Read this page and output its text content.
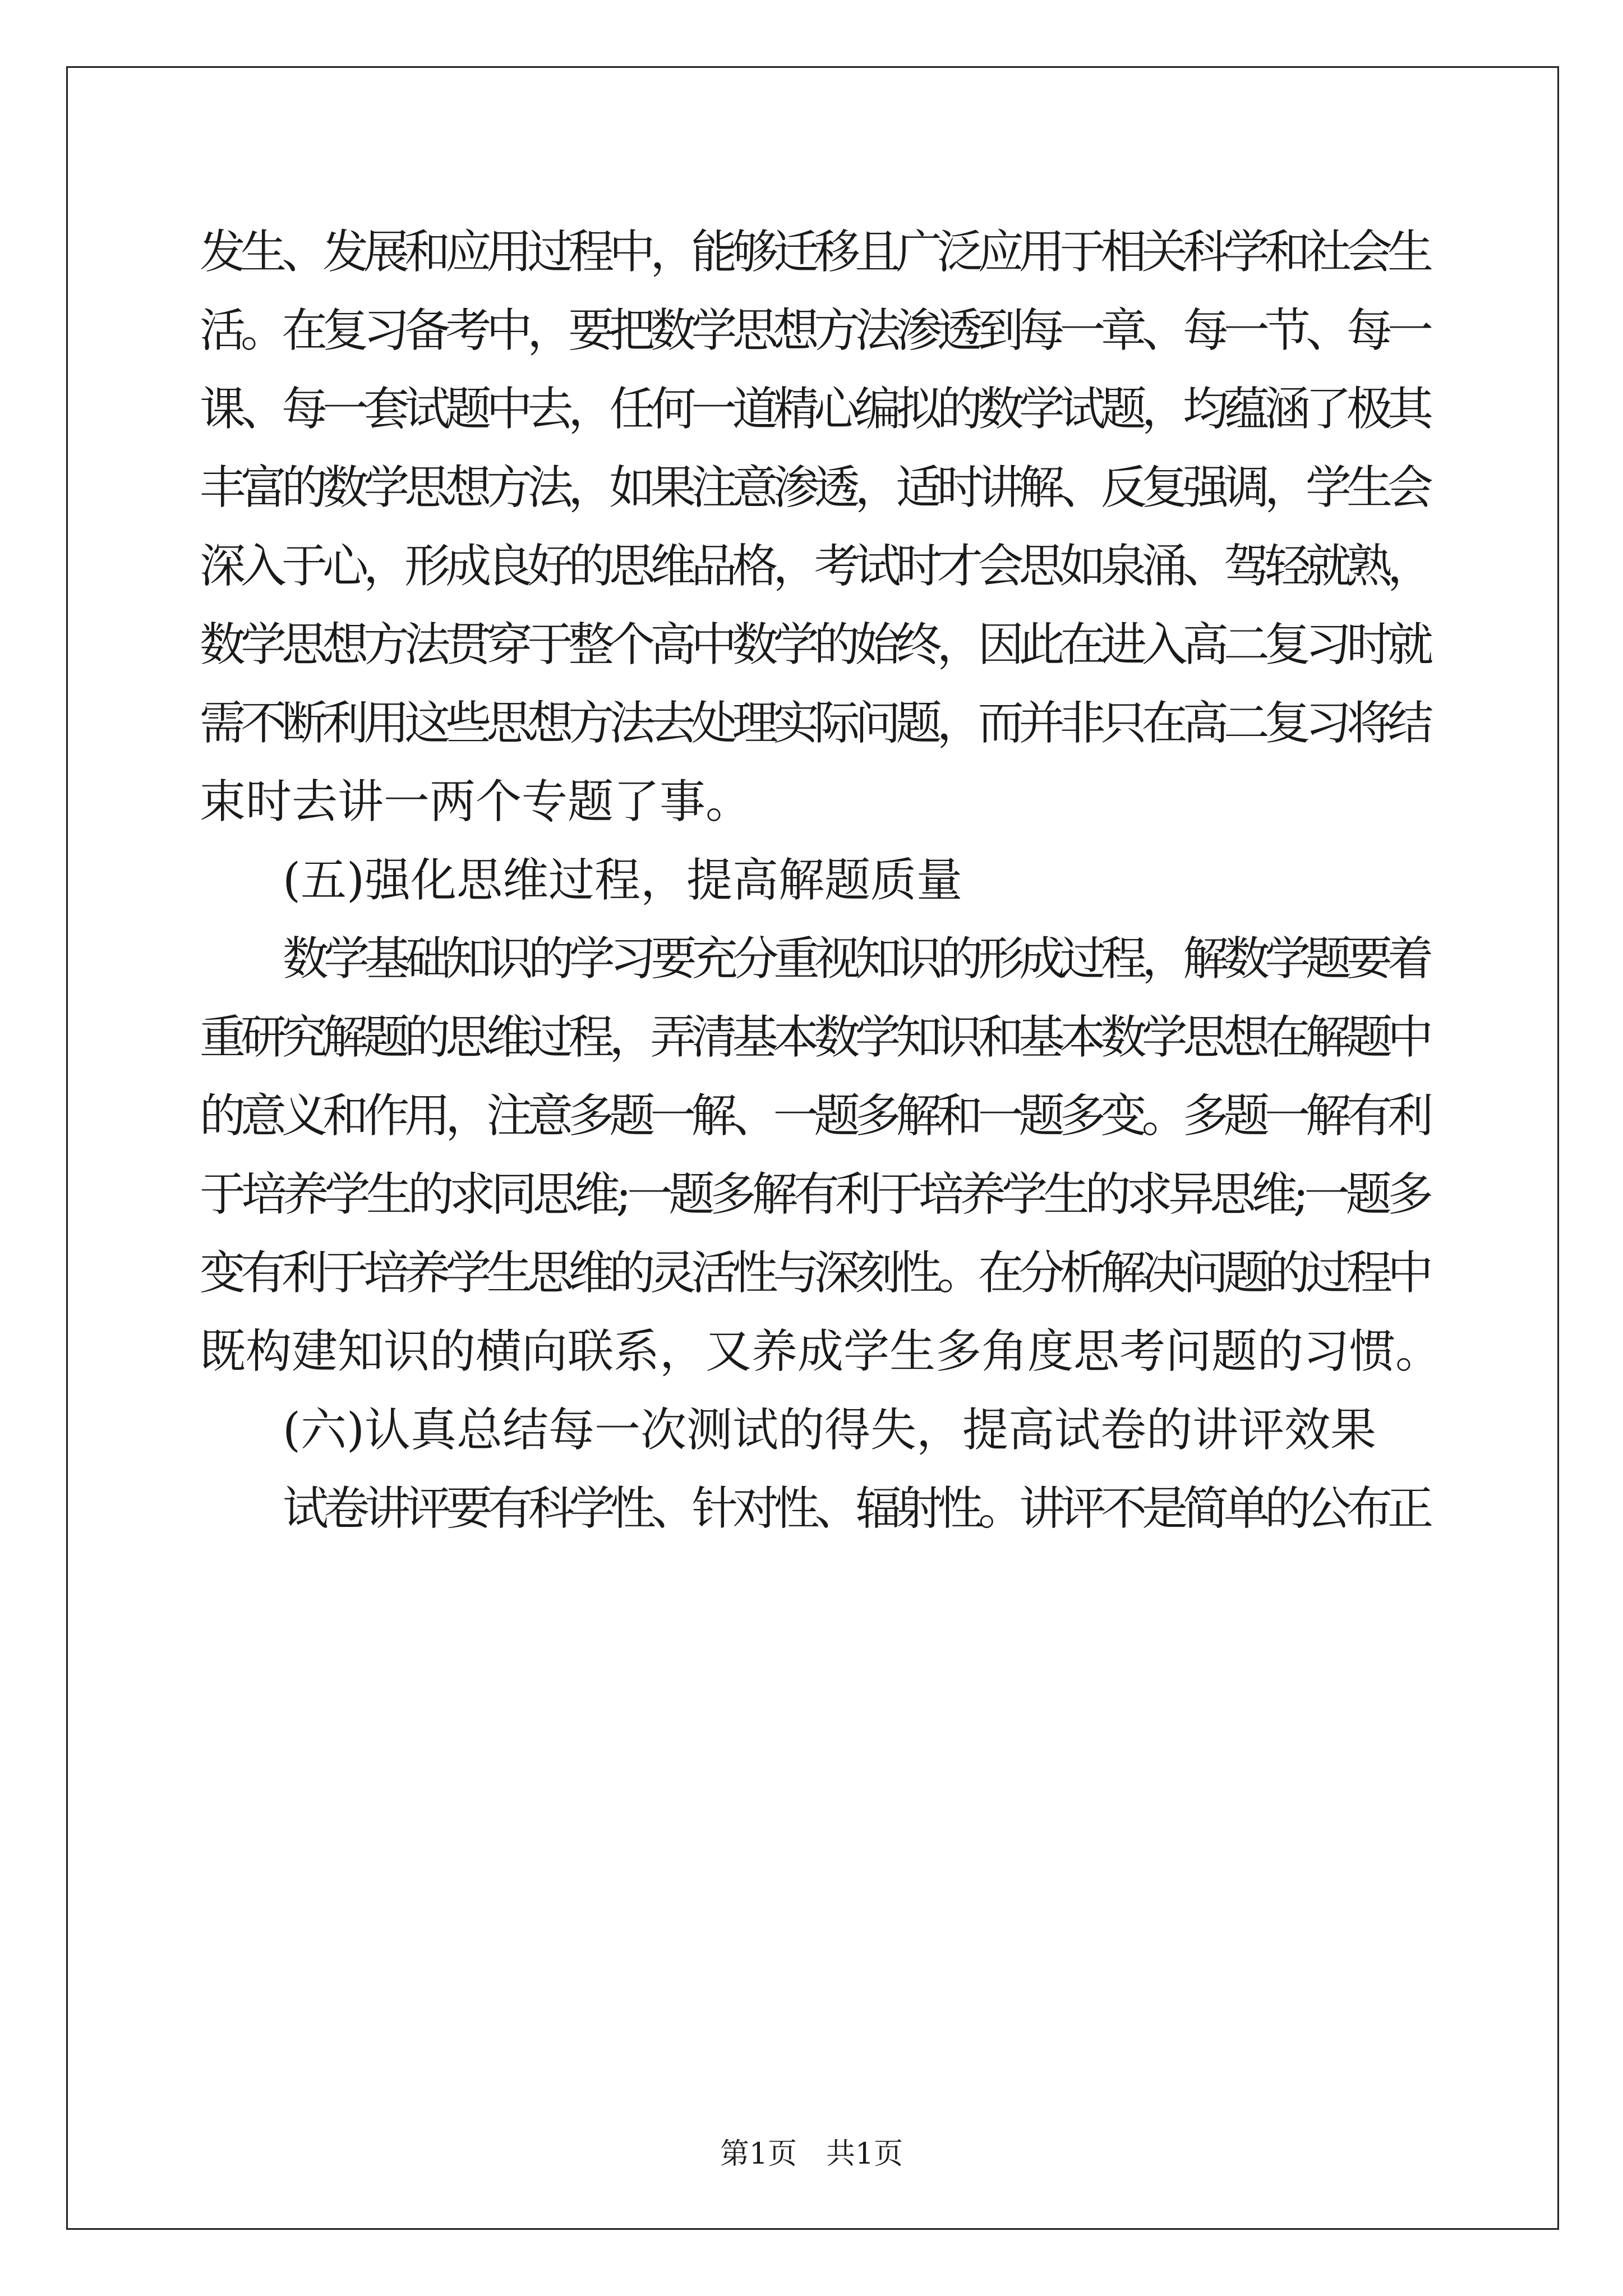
发生、发展和应用过程中，能够迁移且广泛应用于相关科学和社会生
活。在复习备考中，要把数学思想方法渗透到每一章、每一节、每一
课、每一套试题中去，任何一道精心编拟的数学试题，均蕴涵了极其
丰富的数学思想方法，如果注意渗透，适时讲解、反复强调，学生会
深入于心，形成良好的思维品格，考试时才会思如泉涌、驾轻就熟，
数学思想方法贯穿于整个高中数学的始终，因此在进入高二复习时就
需不断利用这些思想方法去处理实际问题，而并非只在高二复习将结
束时去讲一两个专题了事。
(五)强化思维过程，提高解题质量
数学基础知识的学习要充分重视知识的形成过程，解数学题要着
重研究解题的思维过程，弄清基本数学知识和基本数学思想在解题中
的意义和作用，注意多题一解、一题多解和一题多变。多题一解有利
于培养学生的求同思维;一题多解有利于培养学生的求异思维;一题多
变有利于培养学生思维的灵活性与深刻性。在分析解决问题的过程中
既构建知识的横向联系，又养成学生多角度思考问题的习惯。
(六)认真总结每一次测试的得失，提高试卷的讲评效果
试卷讲评要有科学性、针对性、辐射性。讲评不是简单的公布正
第1页　共1页
